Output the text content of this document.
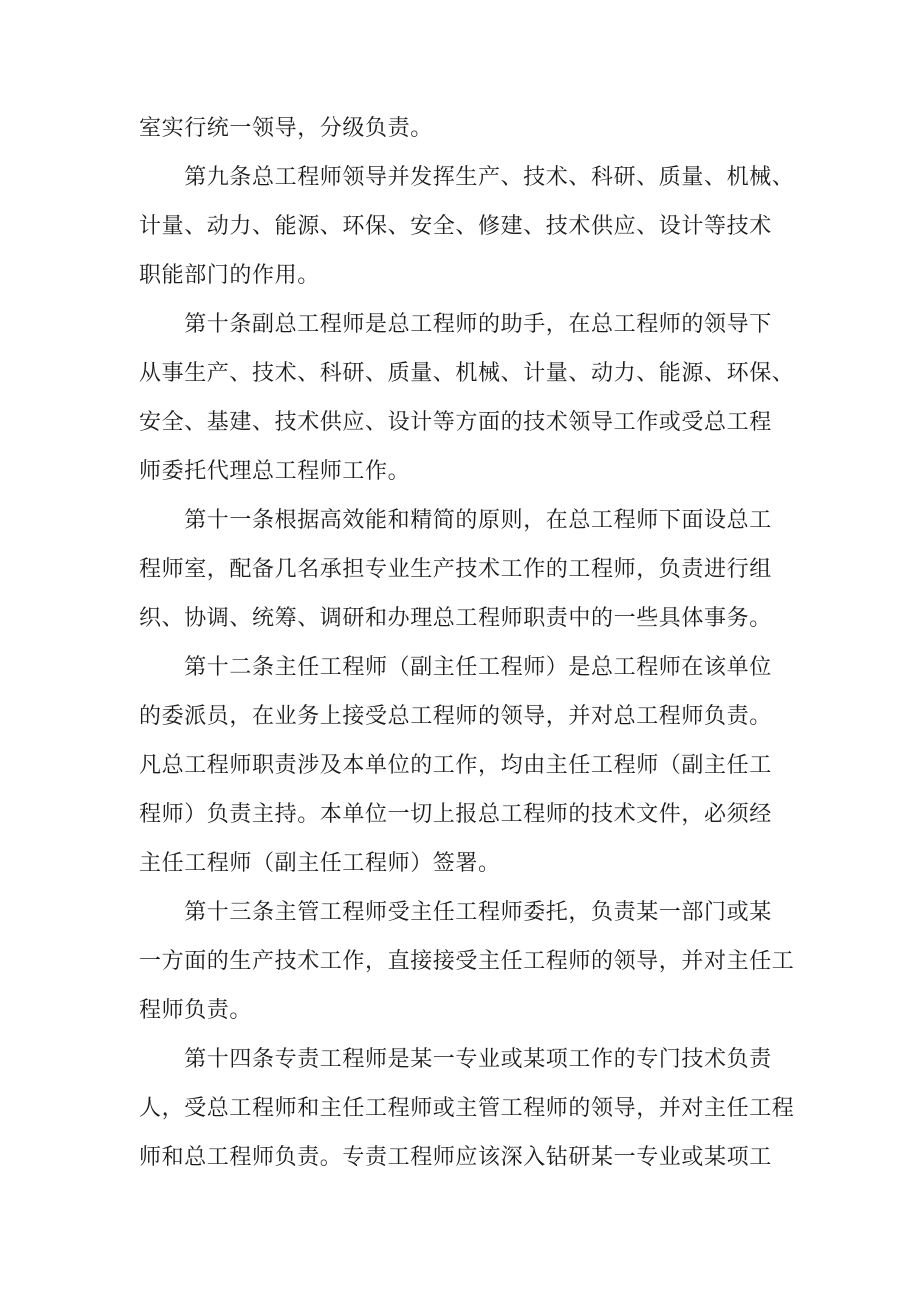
室实行统一领导，分级负责。

　　第九条总工程师领导并发挥生产、技术、科研、质量、机械、
计量、动力、能源、环保、安全、修建、技术供应、设计等技术
职能部门的作用。

　　第十条副总工程师是总工程师的助手，在总工程师的领导下
从事生产、技术、科研、质量、机械、计量、动力、能源、环保、
安全、基建、技术供应、设计等方面的技术领导工作或受总工程
师委托代理总工程师工作。

　　第十一条根据高效能和精简的原则，在总工程师下面设总工
程师室，配备几名承担专业生产技术工作的工程师，负责进行组
织、协调、统筹、调研和办理总工程师职责中的一些具体事务。

　　第十二条主任工程师（副主任工程师）是总工程师在该单位
的委派员，在业务上接受总工程师的领导，并对总工程师负责。
凡总工程师职责涉及本单位的工作，均由主任工程师（副主任工
程师）负责主持。本单位一切上报总工程师的技术文件，必须经
主任工程师（副主任工程师）签署。

　　第十三条主管工程师受主任工程师委托，负责某一部门或某
一方面的生产技术工作，直接接受主任工程师的领导，并对主任工
程师负责。

　　第十四条专责工程师是某一专业或某项工作的专门技术负责
人，受总工程师和主任工程师或主管工程师的领导，并对主任工程
师和总工程师负责。专责工程师应该深入钻研某一专业或某项工
